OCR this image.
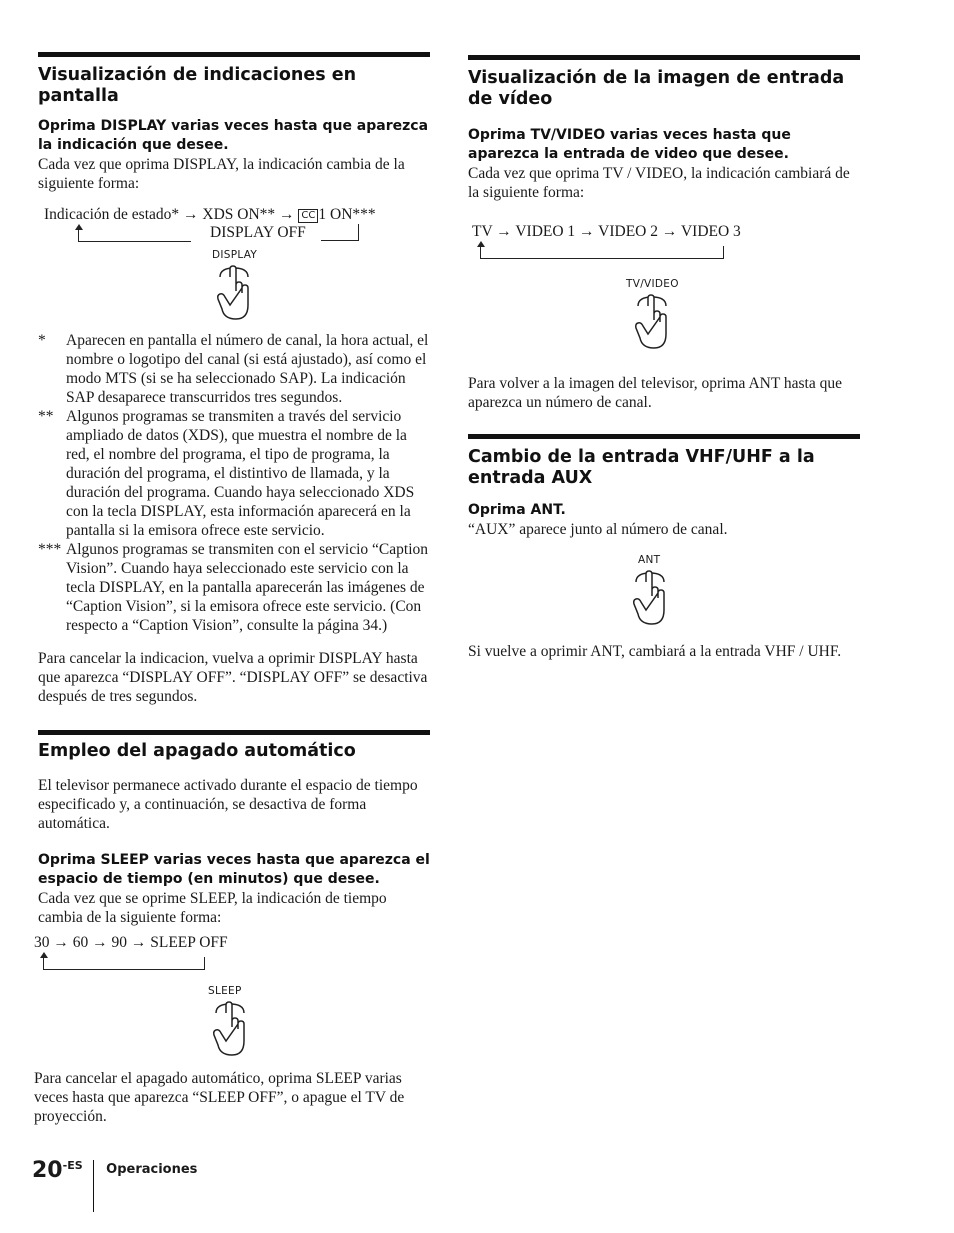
Visualización de indicaciones en pantalla

Oprima DISPLAY varias veces hasta que aparezca la indicación que desee.

Cada vez que oprima DISPLAY, la indicación cambia de la siguiente forma:

Indicación de estado* → XDS ON** → CC 1 ON***

DISPLAY OFF

DISPLAY

*	Aparecen en pantalla el número de canal, la hora actual, el nombre o logotipo del canal (si está ajustado), así como el modo MTS (si se ha seleccionado SAP). La indicación SAP desaparece transcurridos tres segundos.
** Algunos programas se transmiten a través del servicio ampliado de datos (XDS), que muestra el nombre de la red, el nombre del programa, el tipo de programa, la duración del programa, el distintivo de llamada, y la duración del programa. Cuando haya seleccionado XDS con la tecla DISPLAY, esta información aparecerá en la pantalla si la emisora ofrece este servicio.
*** Algunos programas se transmiten con el servicio “Caption Vision”. Cuando haya seleccionado este servicio con la tecla DISPLAY, en la pantalla aparecerán las imágenes de “Caption Vision”, si la emisora ofrece este servicio. (Con respecto a “Caption Vision”, consulte la página 34.)

Para cancelar la indicacion, vuelva a oprimir DISPLAY hasta que aparezca “DISPLAY OFF”. “DISPLAY OFF” se desactiva después de tres segundos.

Empleo del apagado automático

El televisor permanece activado durante el espacio de tiempo especificado y, a continuación, se desactiva de forma automática.

Oprima SLEEP varias veces hasta que aparezca el espacio de tiempo (en minutos) que desee.

Cada vez que se oprime SLEEP, la indicación de tiempo cambia de la siguiente forma:

30 → 60 → 90 → SLEEP OFF

SLEEP

Para cancelar el apagado automático, oprima SLEEP varias veces hasta que aparezca “SLEEP OFF”, o apague el TV de proyección.

Visualización de la imagen de entrada de vídeo

Oprima TV/VIDEO varias veces hasta que aparezca la entrada de video que desee.

Cada vez que oprima TV / VIDEO, la indicación cambiará de la siguiente forma:

TV → VIDEO 1 → VIDEO 2 → VIDEO 3

TV/VIDEO

Para volver a la imagen del televisor, oprima ANT hasta que aparezca un número de canal.

Cambio de la entrada VHF/UHF a la entrada AUX

Oprima ANT.

“AUX” aparece junto al número de canal.

ANT

Si vuelve a oprimir ANT, cambiará a la entrada VHF / UHF.

$20^{-ES}$ Operaciones
